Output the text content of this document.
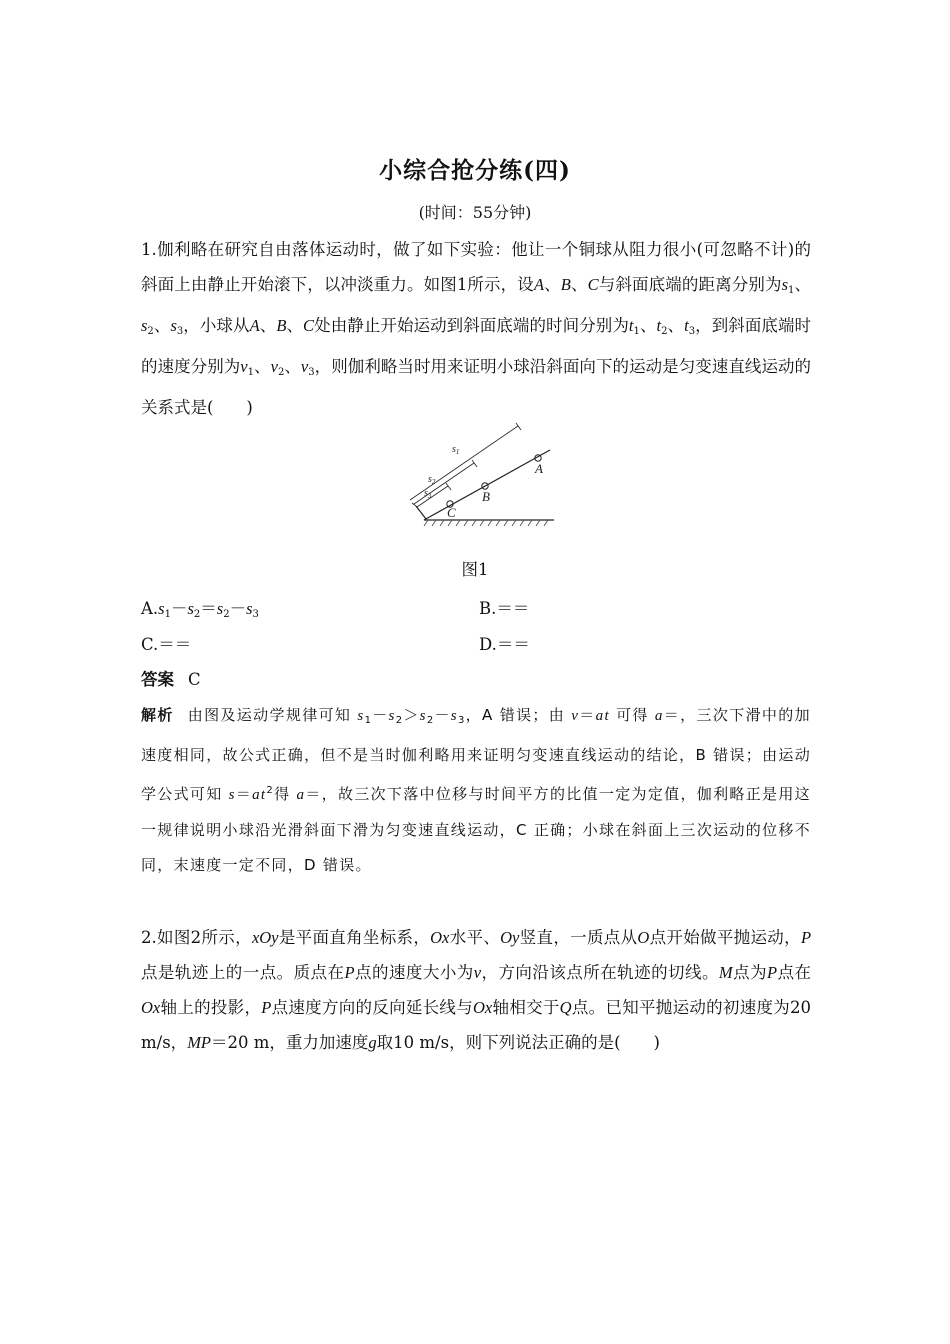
小综合抢分练(四)
(时间：55分钟)
1.伽利略在研究自由落体运动时，做了如下实验：他让一个铜球从阻力很小(可忽略不计)的斜面上由静止开始滚下，以冲淡重力。如图1所示，设A、B、C与斜面底端的距离分别为$s_1$、$s_2$、$s_3$，小球从A、B、C处由静止开始运动到斜面底端的时间分别为$t_1$、$t_2$、$t_3$，到斜面底端时的速度分别为$v_1$、$v_2$、$v_3$，则伽利略当时用来证明小球沿斜面向下的运动是匀变速直线运动的关系式是(　　)
$s_1$
$s_2$
$s_3$
A
B
C
图1
$A.s_1-s_2=s_2-s_3$	B.＝＝
C.＝＝	D.＝＝
答案 C
解析 由图及运动学规律可知 $s_1-s_2>s_2-s_3$，A 错误；由 v＝at 可得 a＝，三次下滑中的加速度相同，故公式正确，但不是当时伽利略用来证明匀变速直线运动的结论，B 错误；由运动学公式可知 $s=at^2$得 a＝，故三次下落中位移与时间平方的比值一定为定值，伽利略正是用这一规律说明小球沿光滑斜面下滑为匀变速直线运动，C 正确；小球在斜面上三次运动的位移不同，末速度一定不同，D 错误。
2.如图2所示，xOy是平面直角坐标系，Ox水平、Oy竖直，一质点从O点开始做平抛运动，P点是轨迹上的一点。质点在P点的速度大小为v，方向沿该点所在轨迹的切线。M点为P点在Ox轴上的投影，P点速度方向的反向延长线与Ox轴相交于Q点。已知平抛运动的初速度为20 m/s，MP＝20 m，重力加速度g取10 m/s，则下列说法正确的是(　　)
